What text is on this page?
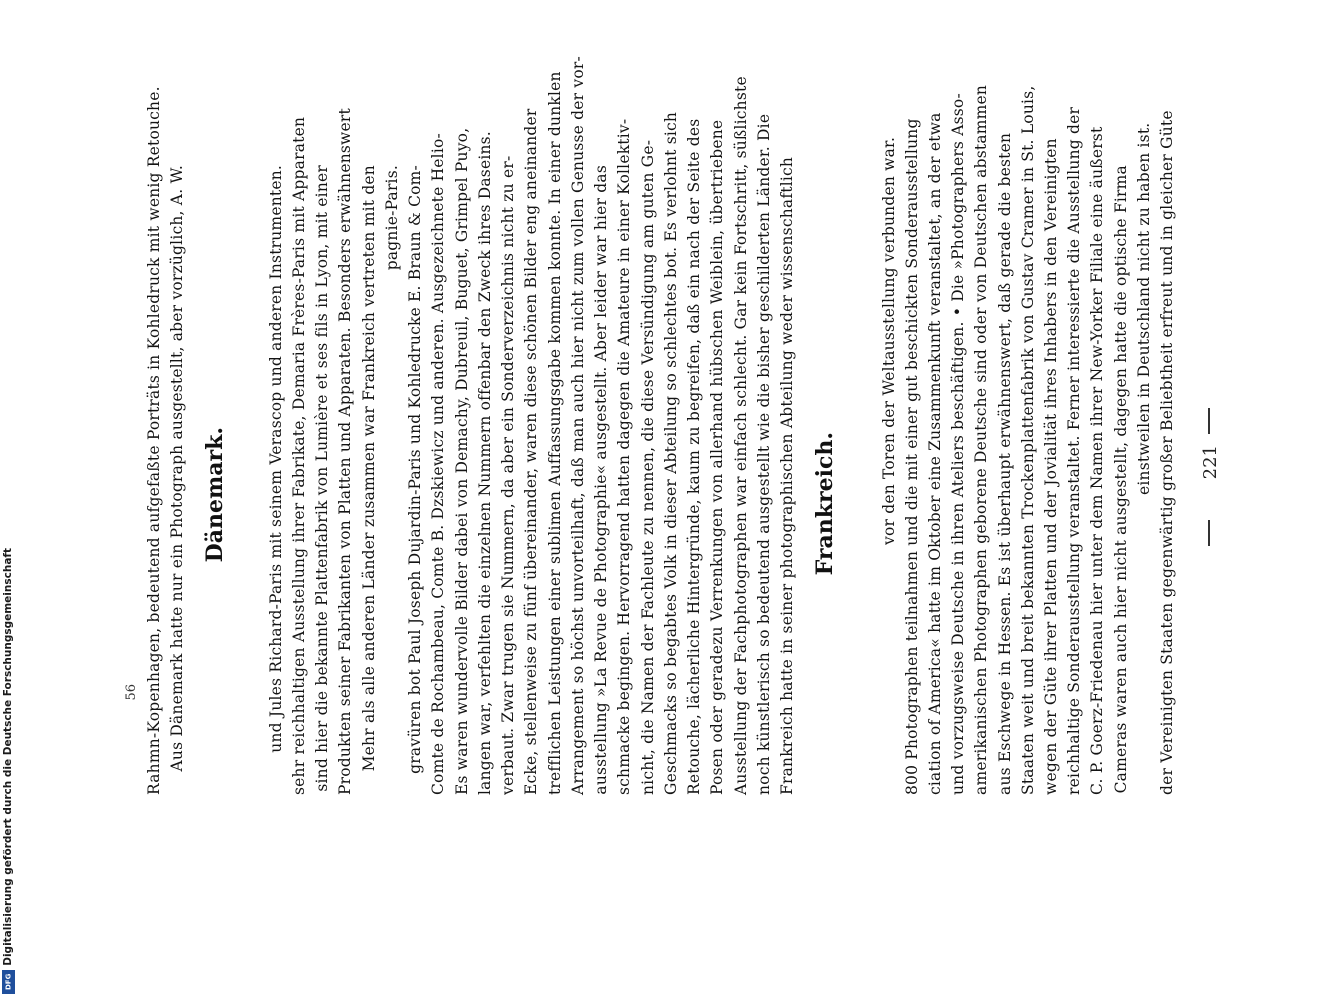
221
der Vereinigten Staaten gegenwärtig großer Beliebtheit erfreut und in gleicher Güte
einstweilen in Deutschland nicht zu haben ist.
Cameras waren auch hier nicht ausgestellt, dagegen hatte die optische Firma
C. P. Goerz-Friedenau hier unter dem Namen ihrer New-Yorker Filiale eine äußerst
reichhaltige Sonderausstellung veranstaltet. Ferner interessierte die Ausstellung der
wegen der Güte ihrer Platten und der Jovialität ihres Inhabers in den Vereinigten
Staaten weit und breit bekannten Trockenplattenfabrik von Gustav Cramer in St. Louis,
aus Eschwege in Hessen. Es ist überhaupt erwähnenswert, daß gerade die besten
amerikanischen Photographen geborene Deutsche sind oder von Deutschen abstammen
und vorzugsweise Deutsche in ihren Ateliers beschäftigen. • Die »Photographers Asso-
ciation of America« hatte im Oktober eine Zusammenkunft veranstaltet, an der etwa
800 Photographen teilnahmen und die mit einer gut beschickten Sonderausstellung
vor den Toren der Weltausstellung verbunden war.
Frankreich.
Frankreich hatte in seiner photographischen Abteilung weder wissenschaftlich
noch künstlerisch so bedeutend ausgestellt wie die bisher geschilderten Länder. Die
Ausstellung der Fachphotographen war einfach schlecht. Gar kein Fortschritt, süßlichste
Posen oder geradezu Verrenkungen von allerhand hübschen Weiblein, übertriebene
Retouche, lächerliche Hintergründe, kaum zu begreifen, daß ein nach der Seite des
Geschmacks so begabtes Volk in dieser Abteilung so schlechtes bot. Es verlohnt sich
nicht, die Namen der Fachleute zu nennen, die diese Versündigung am guten Ge-
schmacke begingen. Hervorragend hatten dagegen die Amateure in einer Kollektiv-
ausstellung »La Revue de Photographie« ausgestellt. Aber leider war hier das
Arrangement so höchst unvorteilhaft, daß man auch hier nicht zum vollen Genusse der vor-
trefflichen Leistungen einer sublimen Auffassungsgabe kommen konnte. In einer dunklen
Ecke, stellenweise zu fünf übereinander, waren diese schönen Bilder eng aneinander
verbaut. Zwar trugen sie Nummern, da aber ein Sonderverzeichnis nicht zu er-
langen war, verfehlten die einzelnen Nummern offenbar den Zweck ihres Daseins.
Es waren wundervolle Bilder dabei von Demachy, Dubreuil, Buguet, Grimpel Puyo,
Comte de Rochambeau, Comte B. Dzskiewicz und anderen. Ausgezeichnete Helio-
gravüren bot Paul Joseph Dujardin-Paris und Kohledrucke E. Braun & Com-
pagnie-Paris.
Mehr als alle anderen Länder zusammen war Frankreich vertreten mit den
Produkten seiner Fabrikanten von Platten und Apparaten. Besonders erwähnenswert
sind hier die bekannte Plattenfabrik von Lumière et ses fils in Lyon, mit einer
sehr reichhaltigen Ausstellung ihrer Fabrikate, Demaria Frères-Paris mit Apparaten
und Jules Richard-Paris mit seinem Verascop und anderen Instrumenten.
Dänemark.
Aus Dänemark hatte nur ein Photograph ausgestellt, aber vorzüglich, A. W.
Rahmn-Kopenhagen, bedeutend aufgefaßte Porträts in Kohledruck mit wenig Retouche.
56
Digitalisierung gefördert durch die Deutsche Forschungsgemeinschaft
DFG
